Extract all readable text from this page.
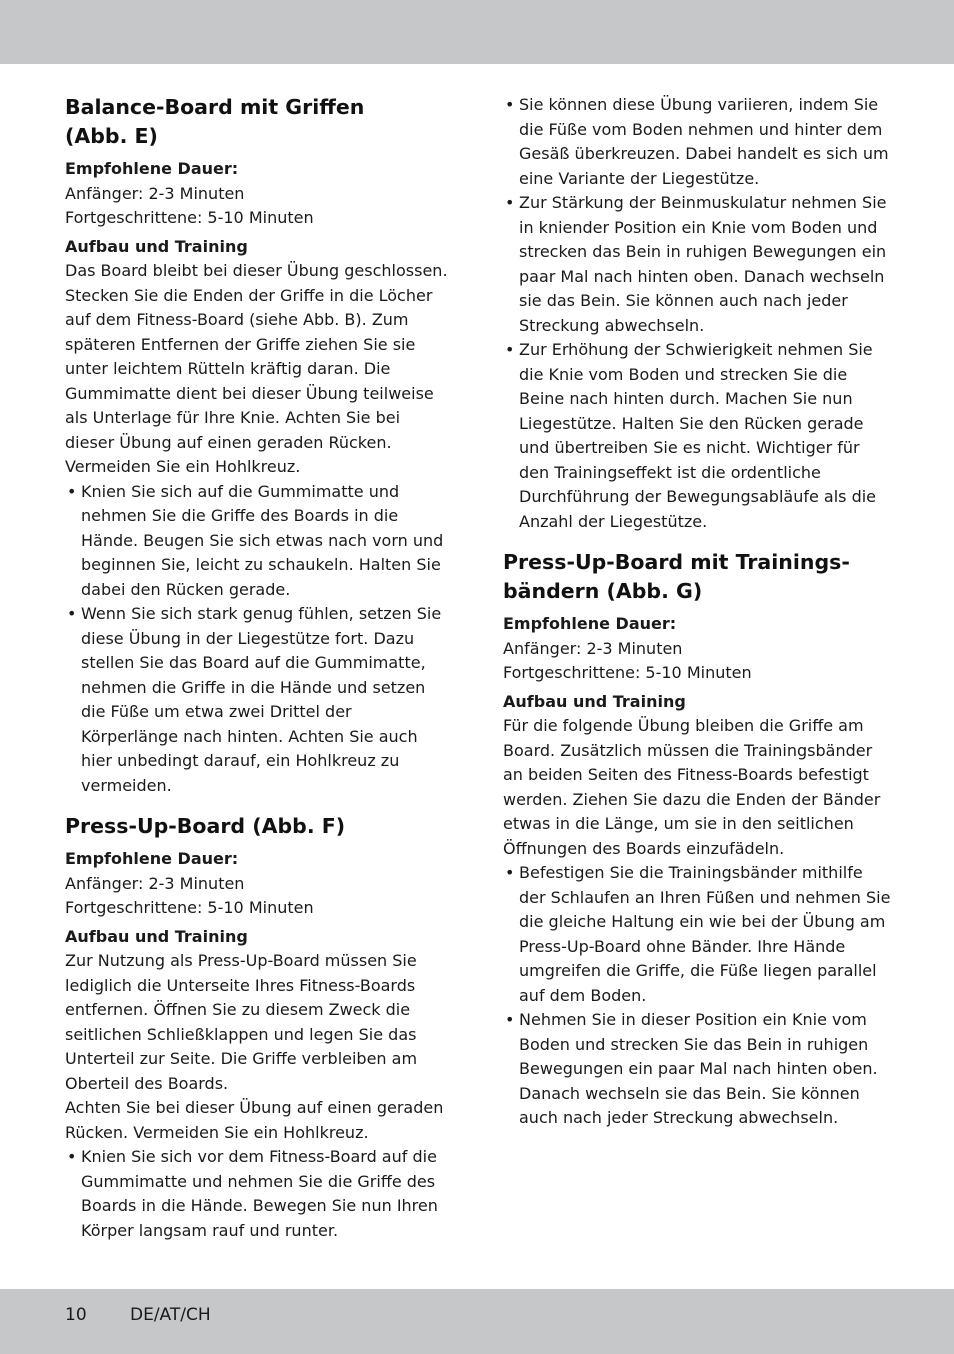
Balance-Board mit Griffen
(Abb. E)

Empfohlene Dauer:

Anfänger: 2-3 Minuten

Fortgeschrittene: 5-10 Minuten

Aufbau und Training

Das Board bleibt bei dieser Übung geschlossen. Stecken Sie die Enden der Griffe in die Löcher auf dem Fitness-Board (siehe Abb. B). Zum späteren Entfernen der Griffe ziehen Sie sie unter leichtem Rütteln kräftig daran. Die Gummimatte dient bei dieser Übung teilweise als Unterlage für Ihre Knie. Achten Sie bei dieser Übung auf einen geraden Rücken. Vermeiden Sie ein Hohlkreuz.

• Knien Sie sich auf die Gummimatte und nehmen Sie die Griffe des Boards in die Hände. Beugen Sie sich etwas nach vorn und beginnen Sie, leicht zu schaukeln. Halten Sie dabei den Rücken gerade.
• Wenn Sie sich stark genug fühlen, setzen Sie diese Übung in der Liegestütze fort. Dazu stellen Sie das Board auf die Gummimatte, nehmen die Griffe in die Hände und setzen die Füße um etwa zwei Drittel der Körperlänge nach hinten. Achten Sie auch hier unbedingt darauf, ein Hohlkreuz zu vermeiden.
Press-Up-Board (Abb. F)

Empfohlene Dauer:

Anfänger: 2-3 Minuten

Fortgeschrittene: 5-10 Minuten

Aufbau und Training

Zur Nutzung als Press-Up-Board müssen Sie lediglich die Unterseite Ihres Fitness-Boards entfernen. Öffnen Sie zu diesem Zweck die seitlichen Schließklappen und legen Sie das Unterteil zur Seite. Die Griffe verbleiben am Oberteil des Boards.

Achten Sie bei dieser Übung auf einen geraden Rücken. Vermeiden Sie ein Hohlkreuz.

• Knien Sie sich vor dem Fitness-Board auf die Gummimatte und nehmen Sie die Griffe des Boards in die Hände. Bewegen Sie nun Ihren Körper langsam rauf und runter.
• Sie können diese Übung variieren, indem Sie die Füße vom Boden nehmen und hinter dem Gesäß überkreuzen. Dabei handelt es sich um eine Variante der Liegestütze.
• Zur Stärkung der Beinmuskulatur nehmen Sie in kniender Position ein Knie vom Boden und strecken das Bein in ruhigen Bewegungen ein paar Mal nach hinten oben. Danach wechseln sie das Bein. Sie können auch nach jeder Streckung abwechseln.
• Zur Erhöhung der Schwierigkeit nehmen Sie die Knie vom Boden und strecken Sie die Beine nach hinten durch. Machen Sie nun Liegestütze. Halten Sie den Rücken gerade und übertreiben Sie es nicht. Wichtiger für den Trainingseffekt ist die ordentliche Durchführung der Bewegungsabläufe als die Anzahl der Liegestütze.
Press-Up-Board mit Trainings-
bändern (Abb. G)

Empfohlene Dauer:

Anfänger: 2-3 Minuten

Fortgeschrittene: 5-10 Minuten

Aufbau und Training

Für die folgende Übung bleiben die Griffe am Board. Zusätzlich müssen die Trainingsbänder an beiden Seiten des Fitness-Boards befestigt werden. Ziehen Sie dazu die Enden der Bänder etwas in die Länge, um sie in den seitlichen Öffnungen des Boards einzufädeln.

• Befestigen Sie die Trainingsbänder mithilfe der Schlaufen an Ihren Füßen und nehmen Sie die gleiche Haltung ein wie bei der Übung am Press-Up-Board ohne Bänder. Ihre Hände umgreifen die Griffe, die Füße liegen parallel auf dem Boden.
• Nehmen Sie in dieser Position ein Knie vom Boden und strecken Sie das Bein in ruhigen Bewegungen ein paar Mal nach hinten oben. Danach wechseln sie das Bein. Sie können auch nach jeder Streckung abwechseln.
10	DE/AT/CH
